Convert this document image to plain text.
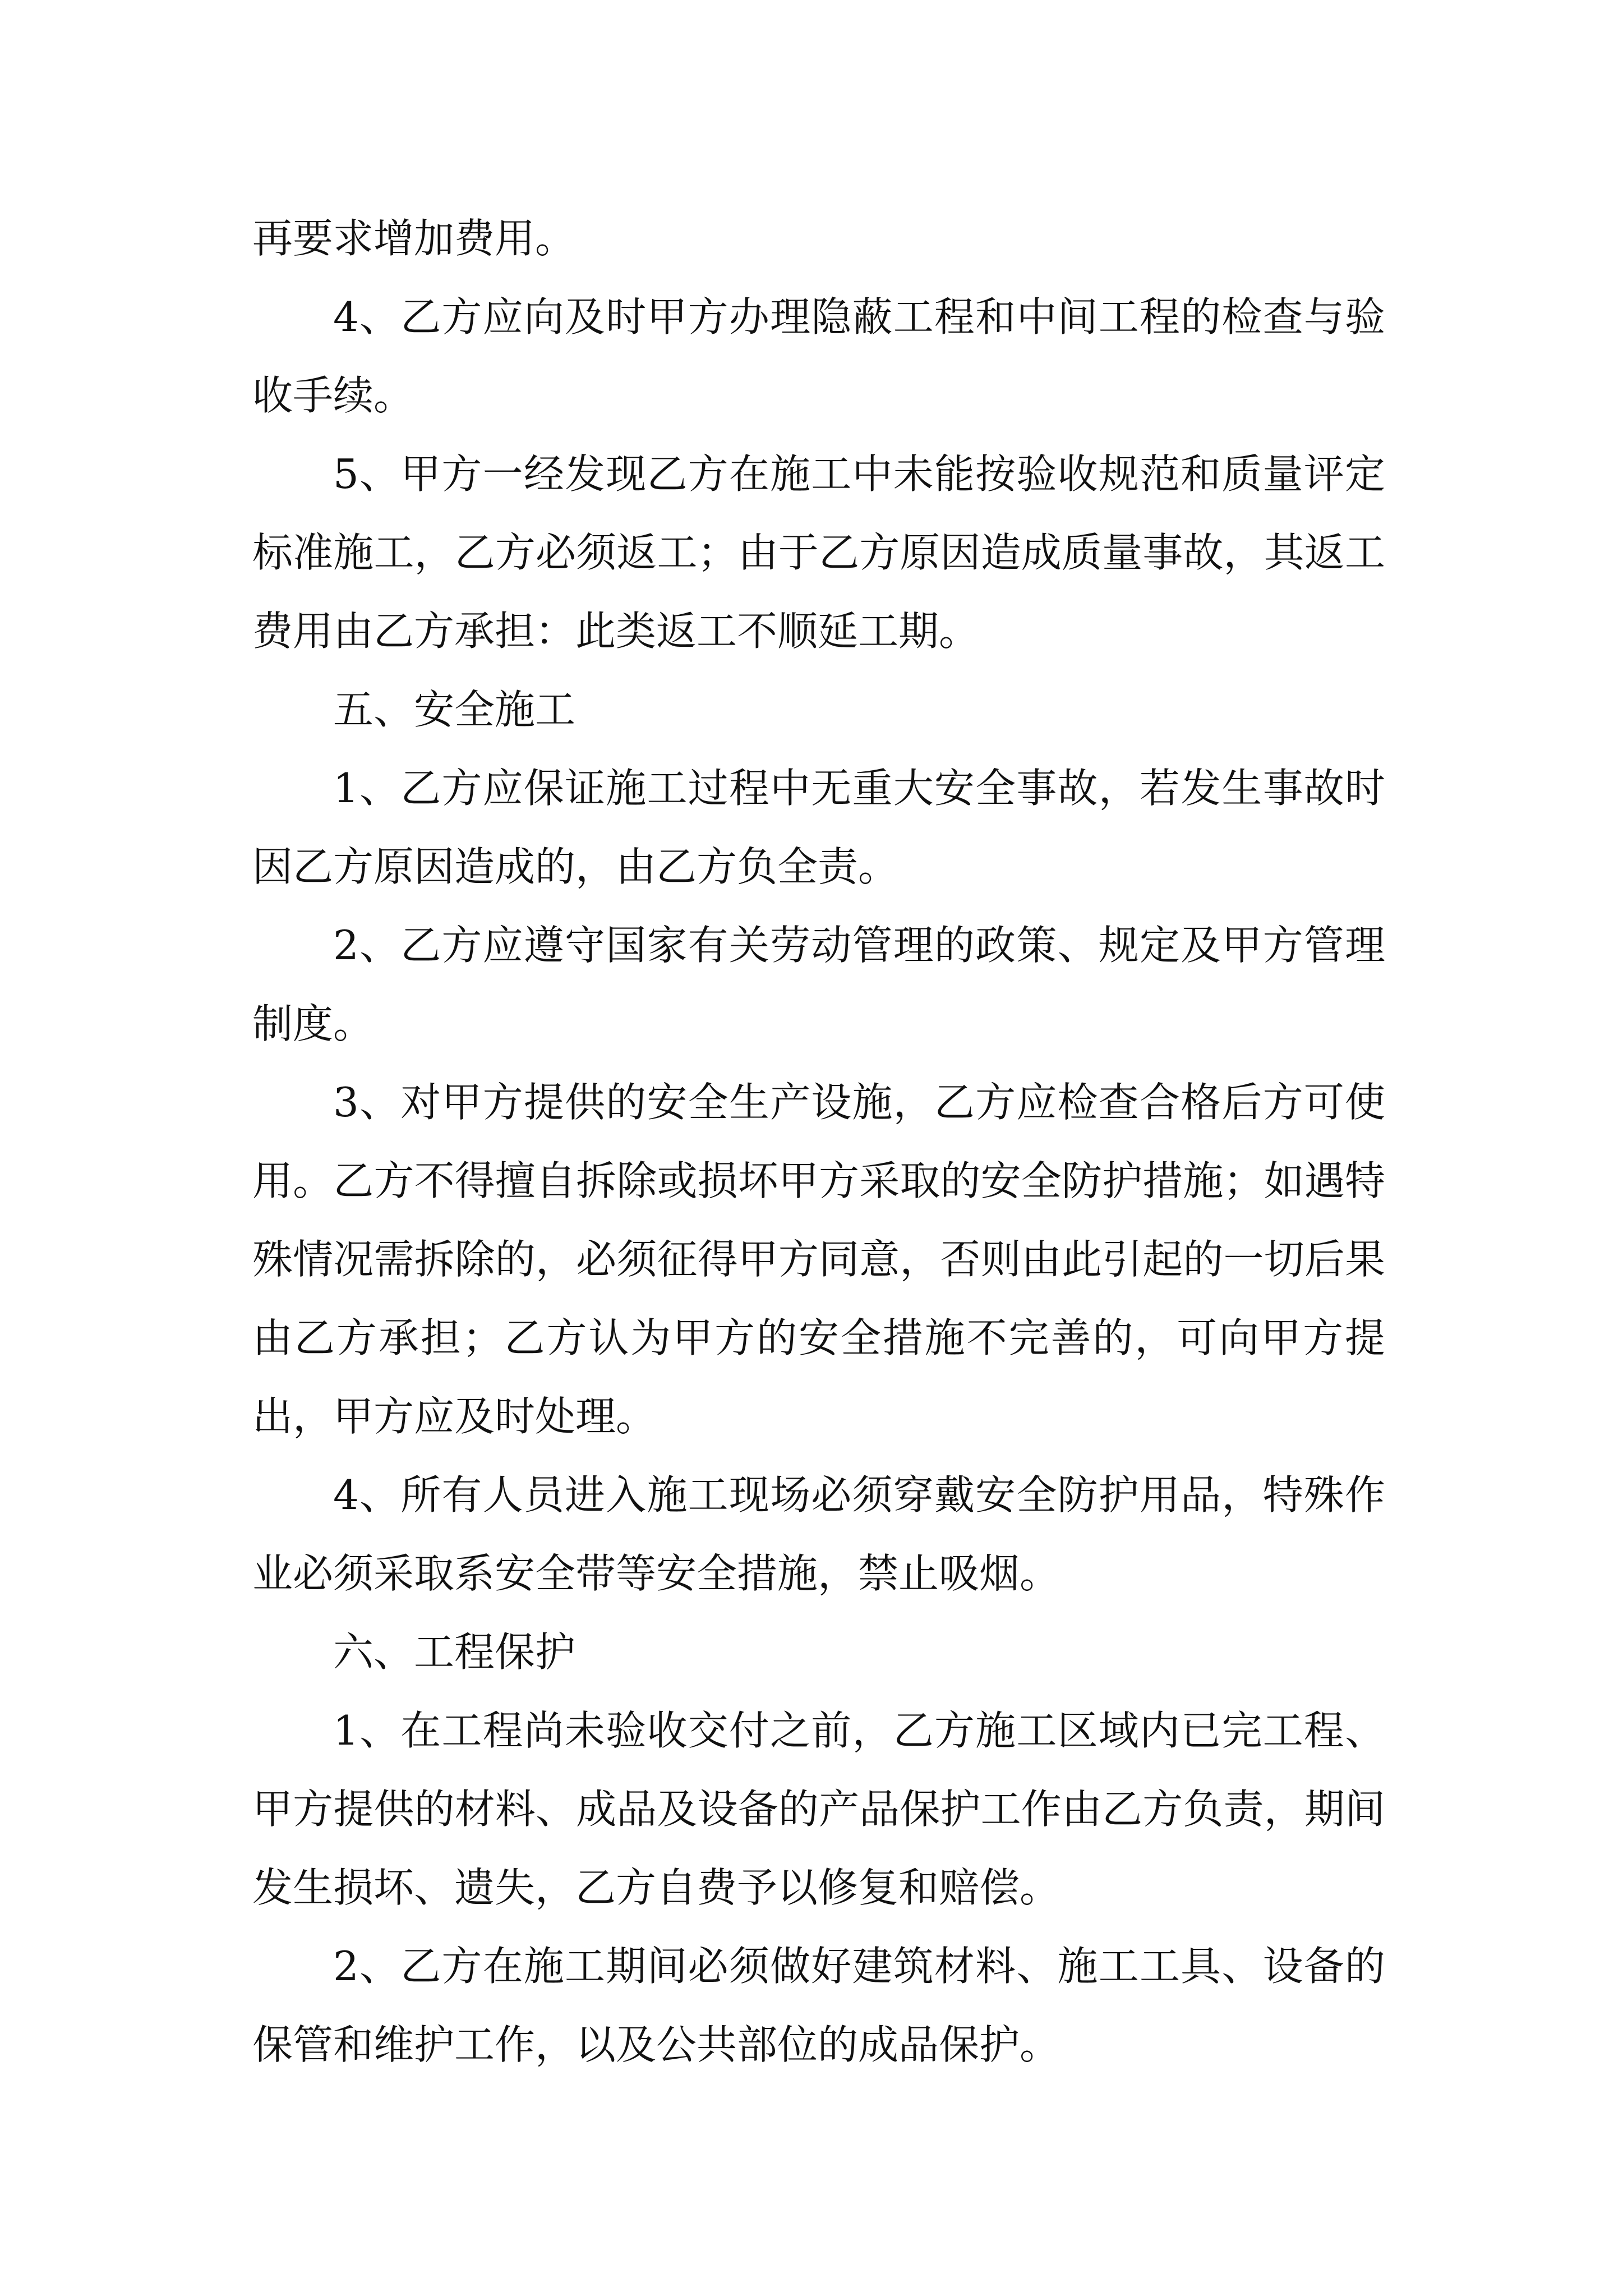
再要求增加费用。

4、乙方应向及时甲方办理隐蔽工程和中间工程的检查与验收手续。

5、甲方一经发现乙方在施工中未能按验收规范和质量评定标准施工，乙方必须返工；由于乙方原因造成质量事故，其返工费用由乙方承担：此类返工不顺延工期。

五、安全施工

1、乙方应保证施工过程中无重大安全事故，若发生事故时因乙方原因造成的，由乙方负全责。

2、乙方应遵守国家有关劳动管理的政策、规定及甲方管理制度。

3、对甲方提供的安全生产设施，乙方应检查合格后方可使用。乙方不得擅自拆除或损坏甲方采取的安全防护措施；如遇特殊情况需拆除的，必须征得甲方同意，否则由此引起的一切后果由乙方承担；乙方认为甲方的安全措施不完善的，可向甲方提出，甲方应及时处理。

4、所有人员进入施工现场必须穿戴安全防护用品，特殊作业必须采取系安全带等安全措施，禁止吸烟。

六、工程保护

1、在工程尚未验收交付之前，乙方施工区域内已完工程、甲方提供的材料、成品及设备的产品保护工作由乙方负责，期间发生损坏、遗失，乙方自费予以修复和赔偿。

2、乙方在施工期间必须做好建筑材料、施工工具、设备的保管和维护工作，以及公共部位的成品保护。
